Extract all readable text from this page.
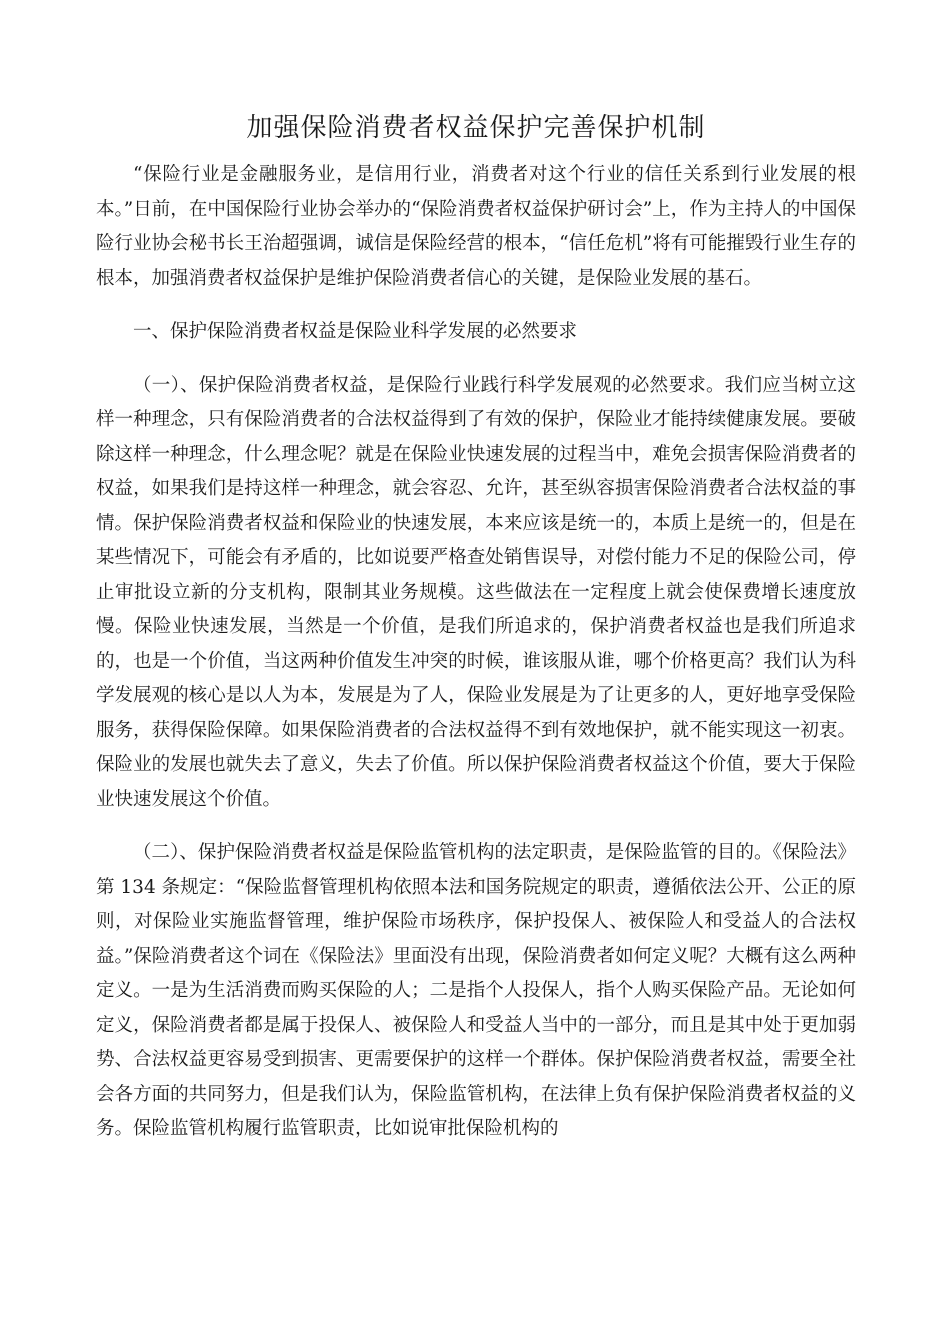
加强保险消费者权益保护完善保护机制

“保险行业是金融服务业，是信用行业，消费者对这个行业的信任关系到行业发展的根本。”日前，在中国保险行业协会举办的“保险消费者权益保护研讨会”上，作为主持人的中国保险行业协会秘书长王治超强调，诚信是保险经营的根本，“信任危机”将有可能摧毁行业生存的根本，加强消费者权益保护是维护保险消费者信心的关键，是保险业发展的基石。

一、保护保险消费者权益是保险业科学发展的必然要求

（一）、保护保险消费者权益，是保险行业践行科学发展观的必然要求。我们应当树立这样一种理念，只有保险消费者的合法权益得到了有效的保护，保险业才能持续健康发展。要破除这样一种理念，什么理念呢？就是在保险业快速发展的过程当中，难免会损害保险消费者的权益，如果我们是持这样一种理念，就会容忍、允许，甚至纵容损害保险消费者合法权益的事情。保护保险消费者权益和保险业的快速发展，本来应该是统一的，本质上是统一的，但是在某些情况下，可能会有矛盾的，比如说要严格查处销售误导，对偿付能力不足的保险公司，停止审批设立新的分支机构，限制其业务规模。这些做法在一定程度上就会使保费增长速度放慢。保险业快速发展，当然是一个价值，是我们所追求的，保护消费者权益也是我们所追求的，也是一个价值，当这两种价值发生冲突的时候，谁该服从谁，哪个价格更高？我们认为科学发展观的核心是以人为本，发展是为了人，保险业发展是为了让更多的人，更好地享受保险服务，获得保险保障。如果保险消费者的合法权益得不到有效地保护，就不能实现这一初衷。保险业的发展也就失去了意义，失去了价值。所以保护保险消费者权益这个价值，要大于保险业快速发展这个价值。

（二）、保护保险消费者权益是保险监管机构的法定职责，是保险监管的目的。《保险法》第 134 条规定：“保险监督管理机构依照本法和国务院规定的职责，遵循依法公开、公正的原则，对保险业实施监督管理，维护保险市场秩序，保护投保人、被保险人和受益人的合法权益。”保险消费者这个词在《保险法》里面没有出现，保险消费者如何定义呢？大概有这么两种定义。一是为生活消费而购买保险的人；二是指个人投保人，指个人购买保险产品。无论如何定义，保险消费者都是属于投保人、被保险人和受益人当中的一部分，而且是其中处于更加弱势、合法权益更容易受到损害、更需要保护的这样一个群体。保护保险消费者权益，需要全社会各方面的共同努力，但是我们认为，保险监管机构，在法律上负有保护保险消费者权益的义务。保险监管机构履行监管职责，比如说审批保险机构的
